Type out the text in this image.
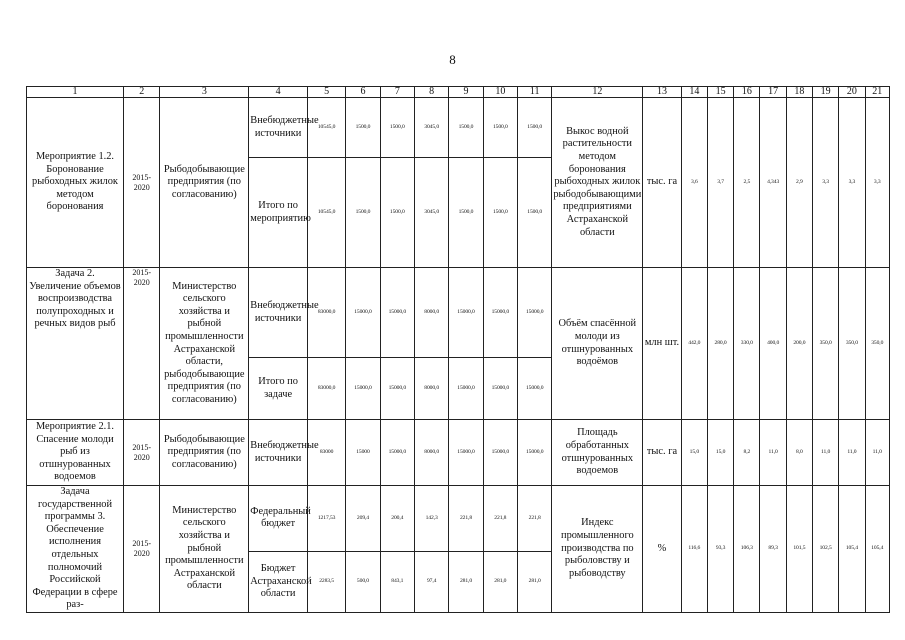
8
1	2	3	4	5	6	7	8	9	10	11	12	13	14	15	16	17	18	19	20	21
Мероприятие 1.2. Боронование рыбоходных жилок методом боронования	2015-2020	Рыбодобывающие предприятия (по согласованию)	Внебюджетные источники	10545,0	1500,0	1500,0	3045,0	1500,0	1500,0	1500,0	Выкос водной растительности методом боронования рыбоходных жилок рыбодобывающими предприятиями Астраханской области	тыс. га	3,6	3,7	2,5	4,343	2,9	3,3	3,3	3,3
			Итого по мероприятию	10545,0	1500,0	1500,0	3045,0	1500,0	1500,0	1500,0										
Задача 2. Увеличение объемов воспроизводства полупроходных и речных видов рыб	2015-2020	Министерство сельского хозяйства и рыбной промышленности Астраханской области, рыбодобывающие предприятия (по согласованию)	Внебюджетные источники	83000,0	15000,0	15000,0	8000,0	15000,0	15000,0	15000,0	Объём спасённой молоди из отшнурованных водоёмов	млн шт.	442,0	280,0	330,0	400,0	200,0	350,0	350,0	350,0
			Итого по задаче	83000,0	15000,0	15000,0	8000,0	15000,0	15000,0	15000,0										
Мероприятие 2.1. Спасение молоди рыб из отшнурованных водоемов	2015-2020	Рыбодобывающие предприятия (по согласованию)	Внебюджетные источники	83000	15000	15000,0	8000,0	15000,0	15000,0	15000,0	Площадь обработанных отшнурованных водоемов	тыс. га	15,0	15,0	8,2	11,0	8,0	11,0	11,0	11,0
Задача государственной программы 3. Обеспечение исполнения отдельных полномочий Российской Федерации в сфере раз-	2015-2020	Министерство сельского хозяйства и рыбной промышленности Астраханской области	Федеральный бюджет	1217,53	209,4	200,4	142,3	221,8	221,8	221,8	Индекс промышленного производства по рыболовству и рыбоводству	%	116,6	93,3	106,3	89,3	101,5	102,5	105,4	105,4
			Бюджет Астраханской области	2283,5	500,0	843,1	97,4	281,0	281,0	281,0										
